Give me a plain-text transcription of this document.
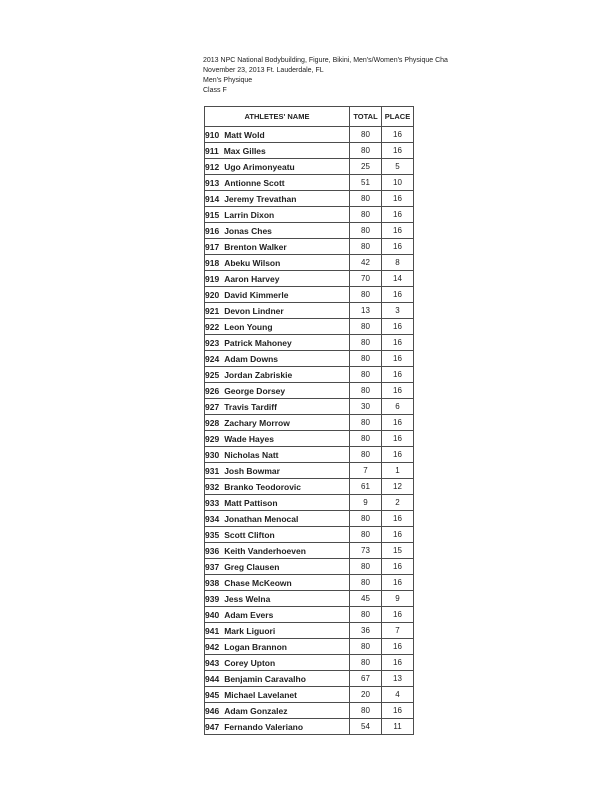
2013 NPC National Bodybuilding, Figure, Bikini, Men's/Women's Physique Cha
November 23, 2013 Ft. Lauderdale, FL
Men's Physique
Class F
ATHLETES' NAME	TOTAL	PLACE
910 Matt Wold	80	16
911 Max Gilles	80	16
912 Ugo Arimonyeatu	25	5
913 Antionne Scott	51	10
914 Jeremy Trevathan	80	16
915 Larrin Dixon	80	16
916 Jonas Ches	80	16
917 Brenton Walker	80	16
918 Abeku Wilson	42	8
919 Aaron Harvey	70	14
920 David Kimmerle	80	16
921 Devon Lindner	13	3
922 Leon Young	80	16
923 Patrick Mahoney	80	16
924 Adam Downs	80	16
925 Jordan Zabriskie	80	16
926 George Dorsey	80	16
927 Travis Tardiff	30	6
928 Zachary Morrow	80	16
929 Wade Hayes	80	16
930 Nicholas Natt	80	16
931 Josh Bowmar	7	1
932 Branko Teodorovic	61	12
933 Matt Pattison	9	2
934 Jonathan Menocal	80	16
935 Scott Clifton	80	16
936 Keith Vanderhoeven	73	15
937 Greg Clausen	80	16
938 Chase McKeown	80	16
939 Jess Welna	45	9
940 Adam Evers	80	16
941 Mark Liguori	36	7
942 Logan Brannon	80	16
943 Corey Upton	80	16
944 Benjamin Caravalho	67	13
945 Michael Lavelanet	20	4
946 Adam Gonzalez	80	16
947 Fernando Valeriano	54	11
